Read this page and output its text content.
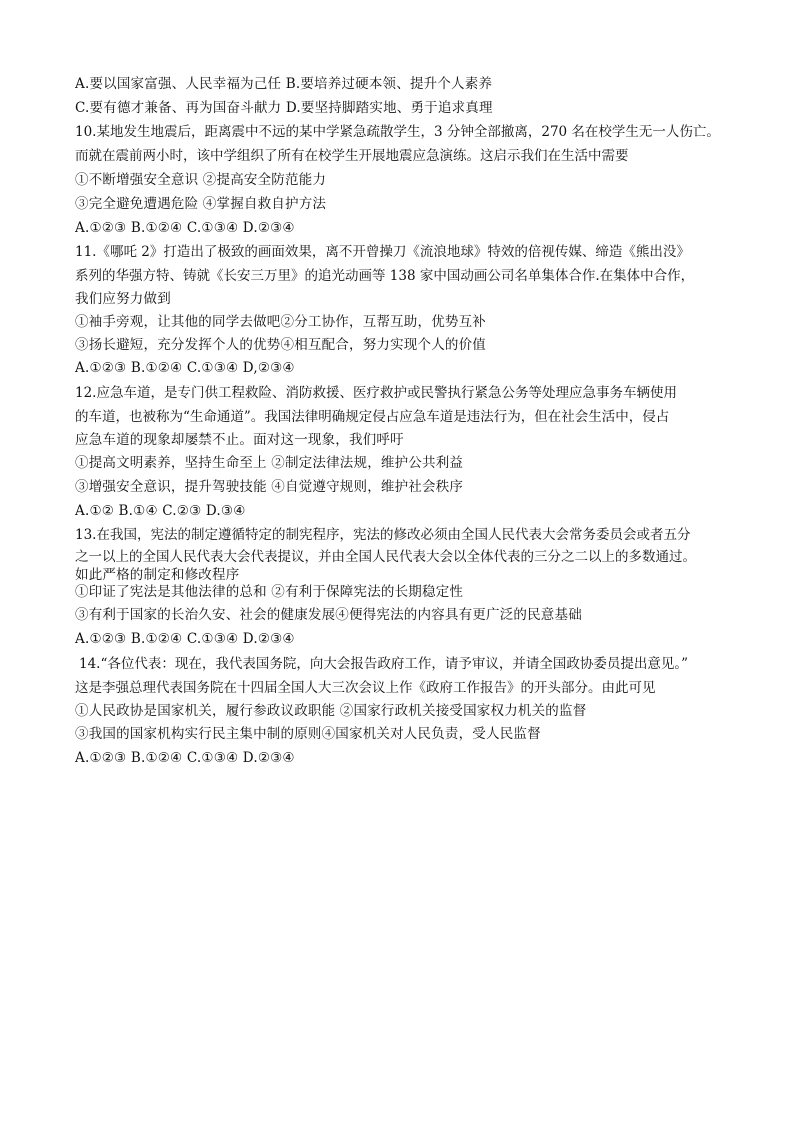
A.要以国家富强、人民幸福为己任 B.要培养过硬本领、提升个人素养
C.要有德才兼备、再为国奋斗献力 D.要坚持脚踏实地、勇于追求真理
10.某地发生地震后，距离震中不远的某中学紧急疏散学生，3 分钟全部撤离，270 名在校学生无一人伤亡。
而就在震前两小时，该中学组织了所有在校学生开展地震应急演练。这启示我们在生活中需要
①不断增强安全意识 ②提高安全防范能力
③完全避免遭遇危险 ④掌握自救自护方法
A.①②③ B.①②④ C.①③④ D.②③④
11.《哪吒 2》打造出了极致的画面效果，离不开曾操刀《流浪地球》特效的倍视传媒、缔造《熊出没》
系列的华强方特、铸就《长安三万里》的追光动画等 138 家中国动画公司名单集体合作.在集体中合作，
我们应努力做到
①袖手旁观，让其他的同学去做吧②分工协作，互帮互助，优势互补
③扬长避短，充分发挥个人的优势④相互配合，努力实现个人的价值
A.①②③ B.①②④ C.①③④ D,②③④
12.应急车道，是专门供工程救险、消防救援、医疗救护或民警执行紧急公务等处理应急事务车辆使用
的车道，也被称为“生命通道”。我国法律明确规定侵占应急车道是违法行为，但在社会生活中，侵占
应急车道的现象却屡禁不止。面对这一现象，我们呼吁
①提高文明素养，坚持生命至上 ②制定法律法规，维护公共利益
③增强安全意识，提升驾驶技能 ④自觉遵守规则，维护社会秩序
A.①② B.①④ C.②③ D.③④
13.在我国，宪法的制定遵循特定的制宪程序，宪法的修改必须由全国人民代表大会常务委员会或者五分
之一以上的全国人民代表大会代表提议，并由全国人民代表大会以全体代表的三分之二以上的多数通过。
如此严格的制定和修改程序
①印证了宪法是其他法律的总和 ②有利于保障宪法的长期稳定性
③有利于国家的长治久安、社会的健康发展④便得宪法的内容具有更广泛的民意基础
A.①②③ B.①②④ C.①③④ D.②③④
14.“各位代表：现在，我代表国务院，向大会报告政府工作，请予审议，并请全国政协委员提出意见。”
这是李强总理代表国务院在十四届全国人大三次会议上作《政府工作报告》的开头部分。由此可见
①人民政协是国家机关，履行参政议政职能 ②国家行政机关接受国家权力机关的监督
③我国的国家机构实行民主集中制的原则④国家机关对人民负责，受人民监督
A.①②③ B.①②④ C.①③④ D.②③④
